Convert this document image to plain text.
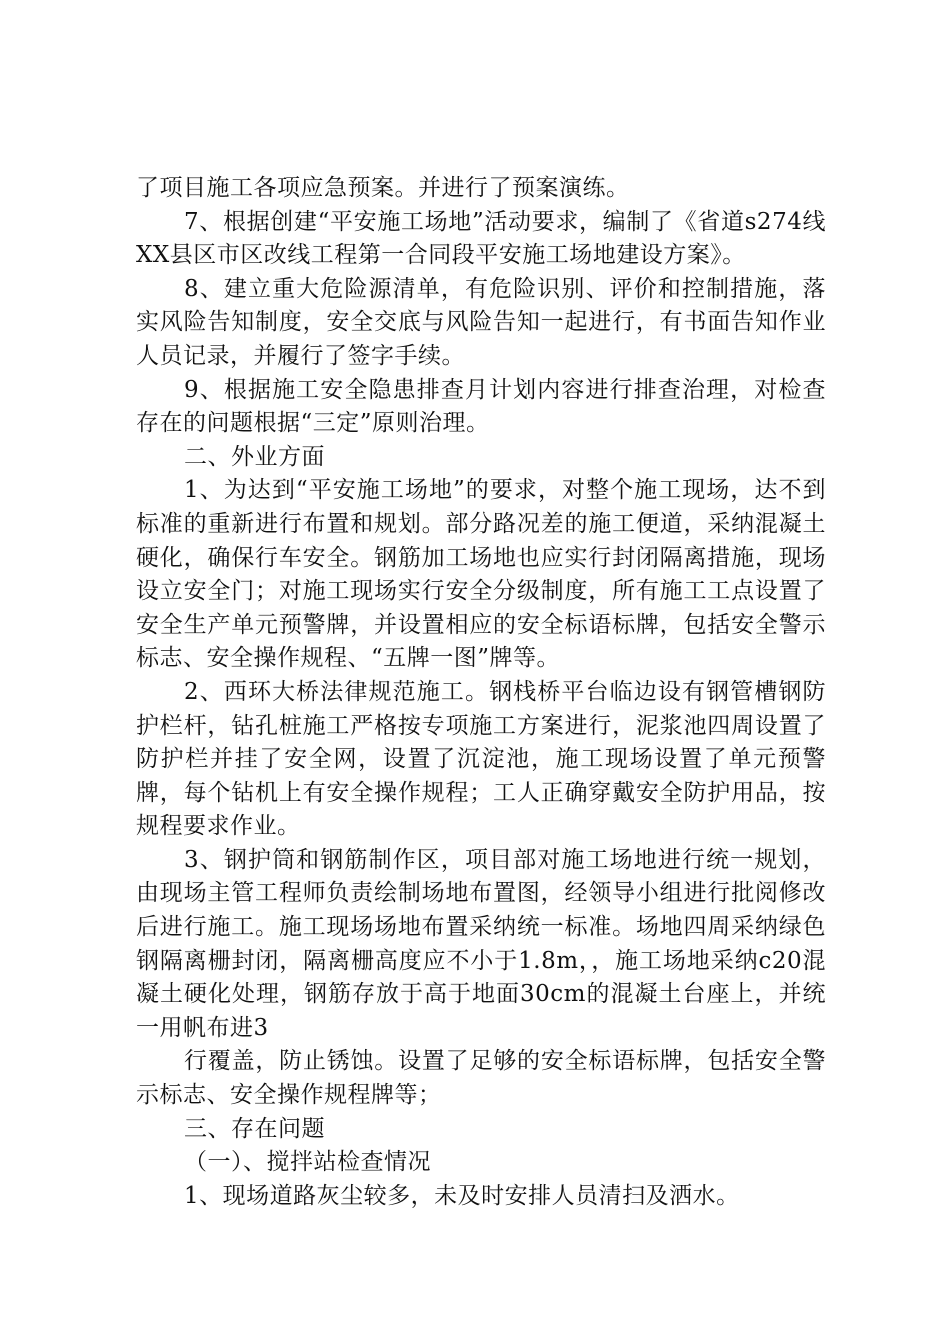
了项目施工各项应急预案。并进行了预案演练。

7、根据创建“平安施工场地”活动要求，编制了《省道s274线XX县区市区改线工程第一合同段平安施工场地建设方案》。

8、建立重大危险源清单，有危险识别、评价和控制措施，落实风险告知制度，安全交底与风险告知一起进行，有书面告知作业人员记录，并履行了签字手续。

9、根据施工安全隐患排查月计划内容进行排查治理，对检查存在的问题根据“三定”原则治理。

二、外业方面

1、为达到“平安施工场地”的要求，对整个施工现场，达不到标准的重新进行布置和规划。部分路况差的施工便道，采纳混凝土硬化，确保行车安全。钢筋加工场地也应实行封闭隔离措施，现场设立安全门；对施工现场实行安全分级制度，所有施工工点设置了安全生产单元预警牌，并设置相应的安全标语标牌，包括安全警示标志、安全操作规程、“五牌一图”牌等。

2、西环大桥法律规范施工。钢栈桥平台临边设有钢管槽钢防护栏杆，钻孔桩施工严格按专项施工方案进行，泥浆池四周设置了防护栏并挂了安全网，设置了沉淀池，施工现场设置了单元预警牌，每个钻机上有安全操作规程；工人正确穿戴安全防护用品，按规程要求作业。

3、钢护筒和钢筋制作区，项目部对施工场地进行统一规划，由现场主管工程师负责绘制场地布置图，经领导小组进行批阅修改后进行施工。施工现场场地布置采纳统一标准。场地四周采纳绿色钢隔离栅封闭，隔离栅高度应不小于1.8m，，施工场地采纳c20混凝土硬化处理，钢筋存放于高于地面30cm的混凝土台座上，并统一用帆布进3

行覆盖，防止锈蚀。设置了足够的安全标语标牌，包括安全警示标志、安全操作规程牌等；

三、存在问题

（一）、搅拌站检查情况

1、现场道路灰尘较多，未及时安排人员清扫及洒水。
